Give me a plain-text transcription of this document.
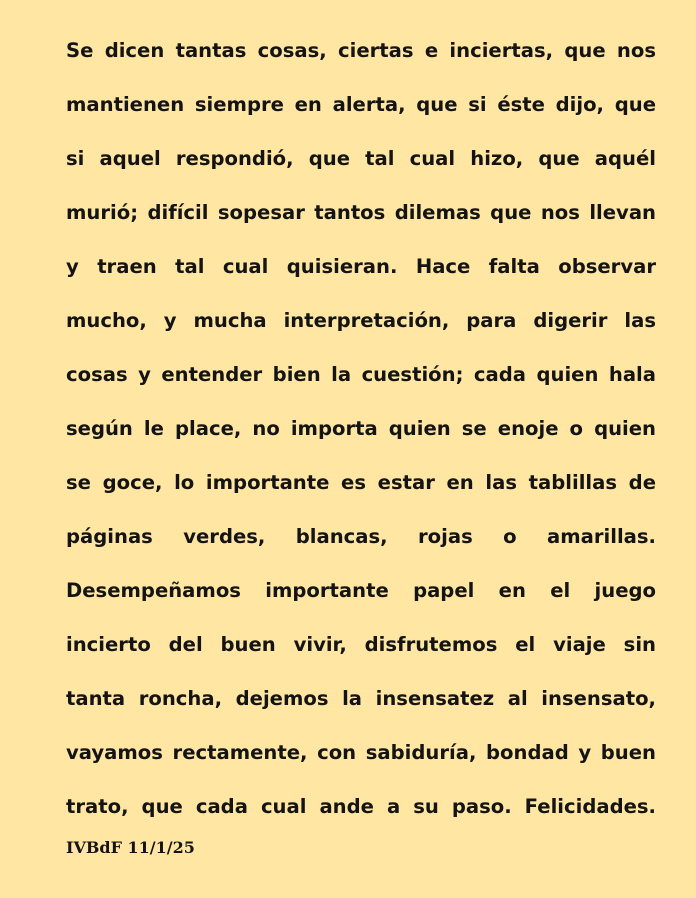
Se dicen tantas cosas, ciertas e inciertas, que nos
mantienen siempre en alerta, que si éste dijo, que
si aquel respondió, que tal cual hizo, que aquél
murió; difícil sopesar tantos dilemas que nos llevan
y traen tal cual quisieran. Hace falta observar
mucho, y mucha interpretación, para digerir las
cosas y entender bien la cuestión; cada quien hala
según le place, no importa quien se enoje o quien
se goce, lo importante es estar en las tablillas de
páginas verdes, blancas, rojas o amarillas.
Desempeñamos importante papel en el juego
incierto del buen vivir, disfrutemos el viaje sin
tanta roncha, dejemos la insensatez al insensato,
vayamos rectamente, con sabiduría, bondad y buen
trato, que cada cual ande a su paso. Felicidades.
IVBdF 11/1/25
